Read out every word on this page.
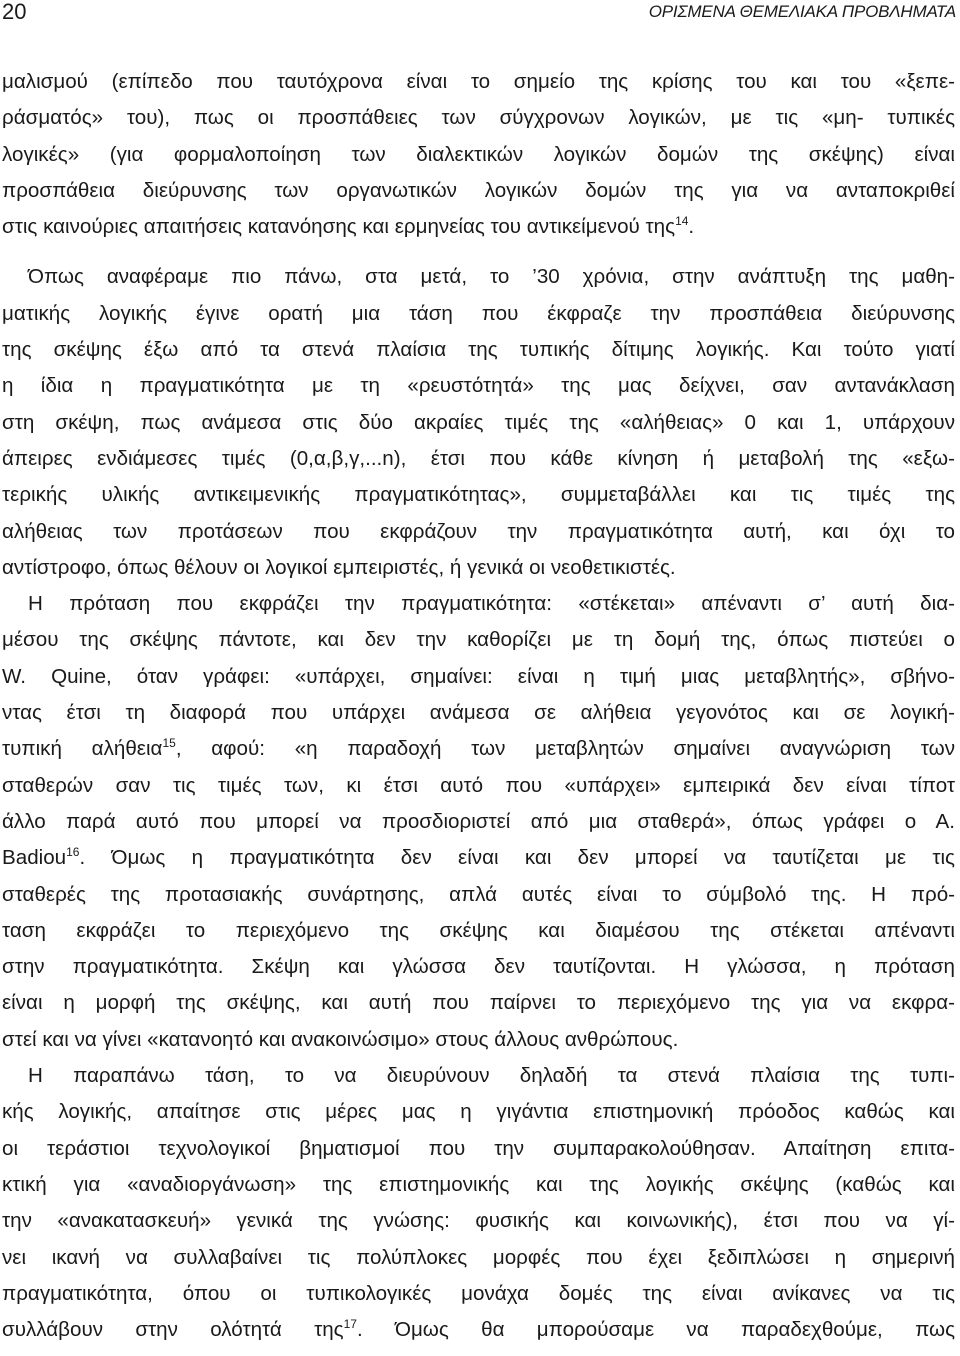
20	ΟΡΙΣΜΕΝΑ ΘΕΜΕΛΙΑΚΑ ΠΡΟΒΛΗΜΑΤΑ
μαλισμού (επίπεδο που ταυτόχρονα είναι το σημείο της κρίσης του και του «ξεπε-
ράσματός» του), πως οι προσπάθειες των σύγχρονων λογικών, με τις «μη- τυπικές
λογικές» (για φορμαλοποίηση των διαλεκτικών λογικών δομών της σκέψης) είναι
προσπάθεια διεύρυνσης των οργανωτικών λογικών δομών της για να ανταποκριθεί
στις καινούριες απαιτήσεις κατανόησης και ερμηνείας του αντικείμενού της$^{14}$.
Όπως αναφέραμε πιο πάνω, στα μετά, το ’30 χρόνια, στην ανάπτυξη της μαθη-
ματικής λογικής έγινε ορατή μια τάση που έκφραζε την προσπάθεια διεύρυνσης
της σκέψης έξω από τα στενά πλαίσια της τυπικής δίτιμης λογικής. Και τούτο γιατί
η ίδια η πραγματικότητα με τη «ρευστότητά» της μας δείχνει, σαν αντανάκλαση
στη σκέψη, πως ανάμεσα στις δύο ακραίες τιμές της «αλήθειας» 0 και 1, υπάρχουν
άπειρες ενδιάμεσες τιμές (0,α,β,γ,...n), έτσι που κάθε κίνηση ή μεταβολή της «εξω-
τερικής υλικής αντικειμενικής πραγματικότητας», συμμεταβάλλει και τις τιμές της
αλήθειας των προτάσεων που εκφράζουν την πραγματικότητα αυτή, και όχι το
αντίστροφο, όπως θέλουν οι λογικοί εμπειριστές, ή γενικά οι νεοθετικιστές.
Η πρόταση που εκφράζει την πραγματικότητα: «στέκεται» απέναντι σ’ αυτή δια-
μέσου της σκέψης πάντοτε, και δεν την καθορίζει με τη δομή της, όπως πιστεύει ο
W. Quine, όταν γράφει: «υπάρχει, σημαίνει: είναι η τιμή μιας μεταβλητής», σβήνο-
ντας έτσι τη διαφορά που υπάρχει ανάμεσα σε αλήθεια γεγονότος και σε λογική-
τυπική αλήθεια$^{15}$, αφού: «η παραδοχή των μεταβλητών σημαίνει αναγνώριση των
σταθερών σαν τις τιμές των, κι έτσι αυτό που «υπάρχει» εμπειρικά δεν είναι τίποτ
άλλο παρά αυτό που μπορεί να προσδιοριστεί από μια σταθερά», όπως γράφει ο Α.
Badiou$^{16}$. Όμως η πραγματικότητα δεν είναι και δεν μπορεί να ταυτίζεται με τις
σταθερές της προτασιακής συνάρτησης, απλά αυτές είναι το σύμβολό της. Η πρό-
ταση εκφράζει το περιεχόμενο της σκέψης και διαμέσου της στέκεται απέναντι
στην πραγματικότητα. Σκέψη και γλώσσα δεν ταυτίζονται. Η γλώσσα, η πρόταση
είναι η μορφή της σκέψης, και αυτή που παίρνει το περιεχόμενο της για να εκφρα-
στεί και να γίνει «κατανοητό και ανακοινώσιμο» στους άλλους ανθρώπους.
Η παραπάνω τάση, το να διευρύνουν δηλαδή τα στενά πλαίσια της τυπι-
κής λογικής, απαίτησε στις μέρες μας η γιγάντια επιστημονική πρόοδος καθώς και
οι τεράστιοι τεχνολογικοί βηματισμοί που την συμπαρακολούθησαν. Απαίτηση επιτα-
κτική για «αναδιοργάνωση» της επιστημονικής και της λογικής σκέψης (καθώς και
την «ανακατασκευή» γενικά της γνώσης: φυσικής και κοινωνικής), έτσι που να γί-
νει ικανή να συλλαβαίνει τις πολύπλοκες μορφές που έχει ξεδιπλώσει η σημερινή
πραγματικότητα, όπου οι τυπικολογικές μονάχα δομές της είναι ανίκανες να τις
συλλάβουν στην ολότητά της$^{17}$. Όμως θα μπορούσαμε να παραδεχθούμε, πως
